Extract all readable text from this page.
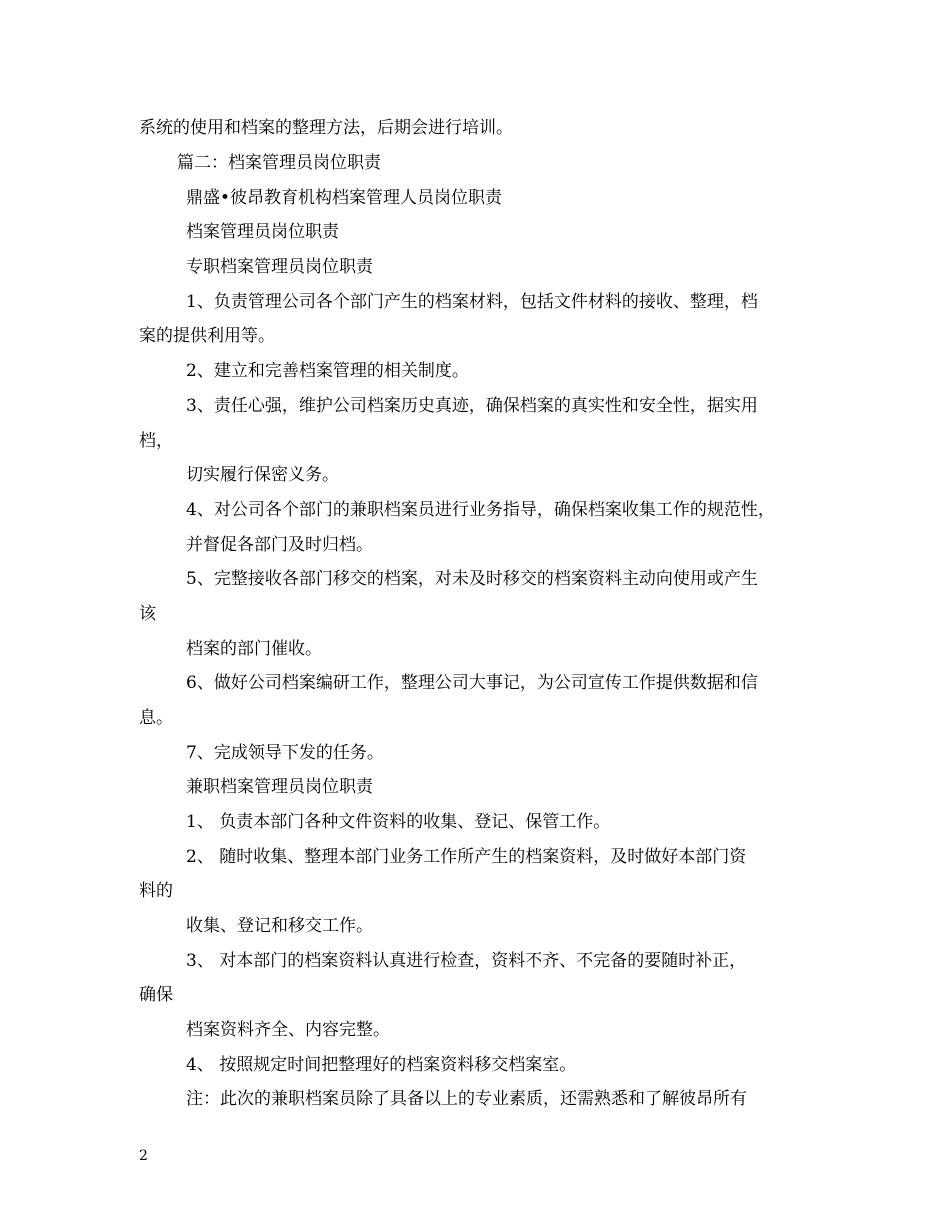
系统的使用和档案的整理方法，后期会进行培训。
篇二：档案管理员岗位职责
鼎盛•彼昂教育机构档案管理人员岗位职责
档案管理员岗位职责
专职档案管理员岗位职责
1、负责管理公司各个部门产生的档案材料，包括文件材料的接收、整理，档
案的提供利用等。
2、建立和完善档案管理的相关制度。
3、责任心强，维护公司档案历史真迹，确保档案的真实性和安全性，据实用
档，
切实履行保密义务。
4、对公司各个部门的兼职档案员进行业务指导，确保档案收集工作的规范性，
并督促各部门及时归档。
5、完整接收各部门移交的档案，对未及时移交的档案资料主动向使用或产生
该
档案的部门催收。
6、做好公司档案编研工作，整理公司大事记，为公司宣传工作提供数据和信
息。
7、完成领导下发的任务。
兼职档案管理员岗位职责
1、 负责本部门各种文件资料的收集、登记、保管工作。
2、 随时收集、整理本部门业务工作所产生的档案资料，及时做好本部门资
料的
收集、登记和移交工作。
3、 对本部门的档案资料认真进行检查，资料不齐、不完备的要随时补正，
确保
档案资料齐全、内容完整。
4、 按照规定时间把整理好的档案资料移交档案室。
注：此次的兼职档案员除了具备以上的专业素质，还需熟悉和了解彼昂所有
2
